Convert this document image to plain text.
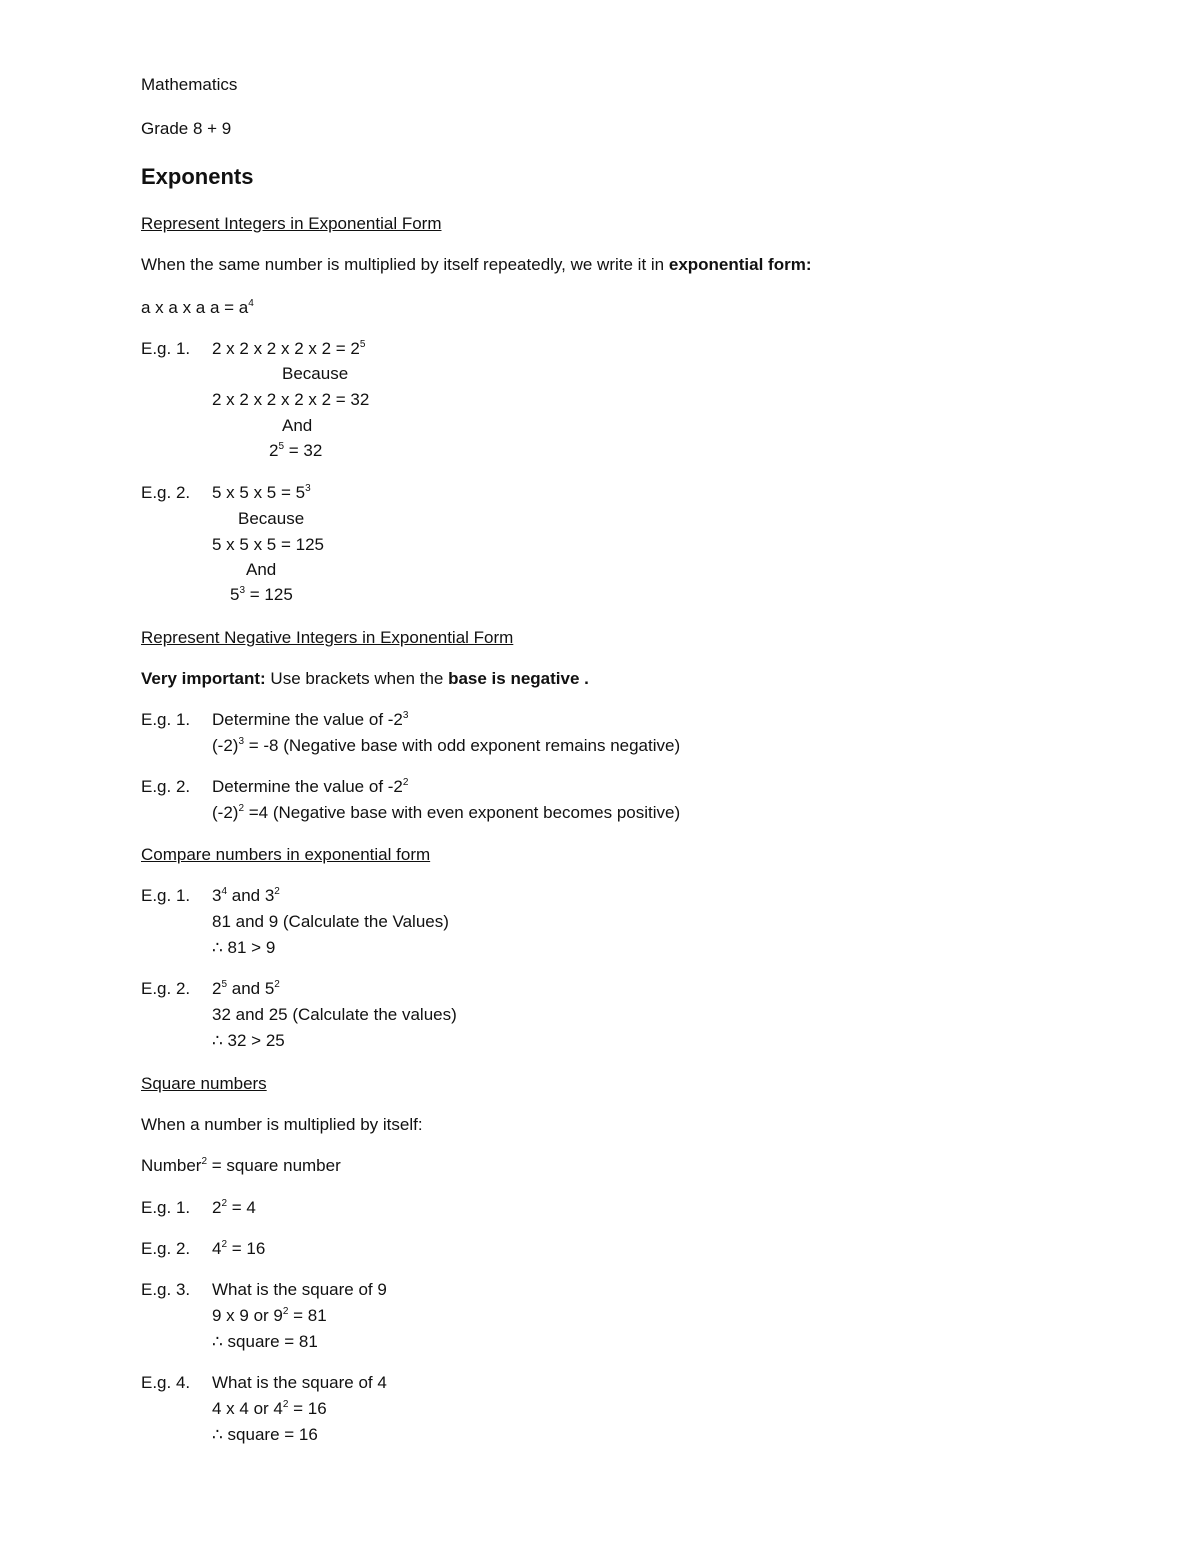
Mathematics
Grade 8 + 9
Exponents
Represent Integers in Exponential Form
When the same number is multiplied by itself repeatedly, we write it in exponential form:
a x a x a $a = a^4$
E.g. 1. 2 x 2 x 2 x 2 x $2 = 2^5$
Because
2 x 2 x 2 x 2 x 2 = 32
And
$2^5 = 32$
E.g. 2. 5 x 5 x $5 = 5^3$
Because
5 x 5 x 5 = 125
And
$5^3 = 125$
Represent Negative Integers in Exponential Form
Very important: Use brackets when the base is negative .
E.g. 1. Determine the value of $-2^3$
$(-2)^3 = -8$ (Negative base with odd exponent remains negative)
E.g. 2. Determine the value of $-2^2$
$(-2)^2 =4$ (Negative base with even exponent becomes positive)
Compare numbers in exponential form
E.g. 1. $3^4$ and $3^2$
81 and 9 (Calculate the Values)
∴ 81 > 9
E.g. 2. $2^5$ and $5^2$
32 and 25 (Calculate the values)
∴ 32 > 25
Square numbers
When a number is multiplied by itself:
Number$^2$ = square number
E.g. 1. $2^2 = 4$
E.g. 2. $4^2 = 16$
E.g. 3. What is the square of 9
9 x 9 or $9^2 = 81$
∴ square = 81
E.g. 4. What is the square of 4
4 x 4 or $4^2 = 16$
∴ square = 16
